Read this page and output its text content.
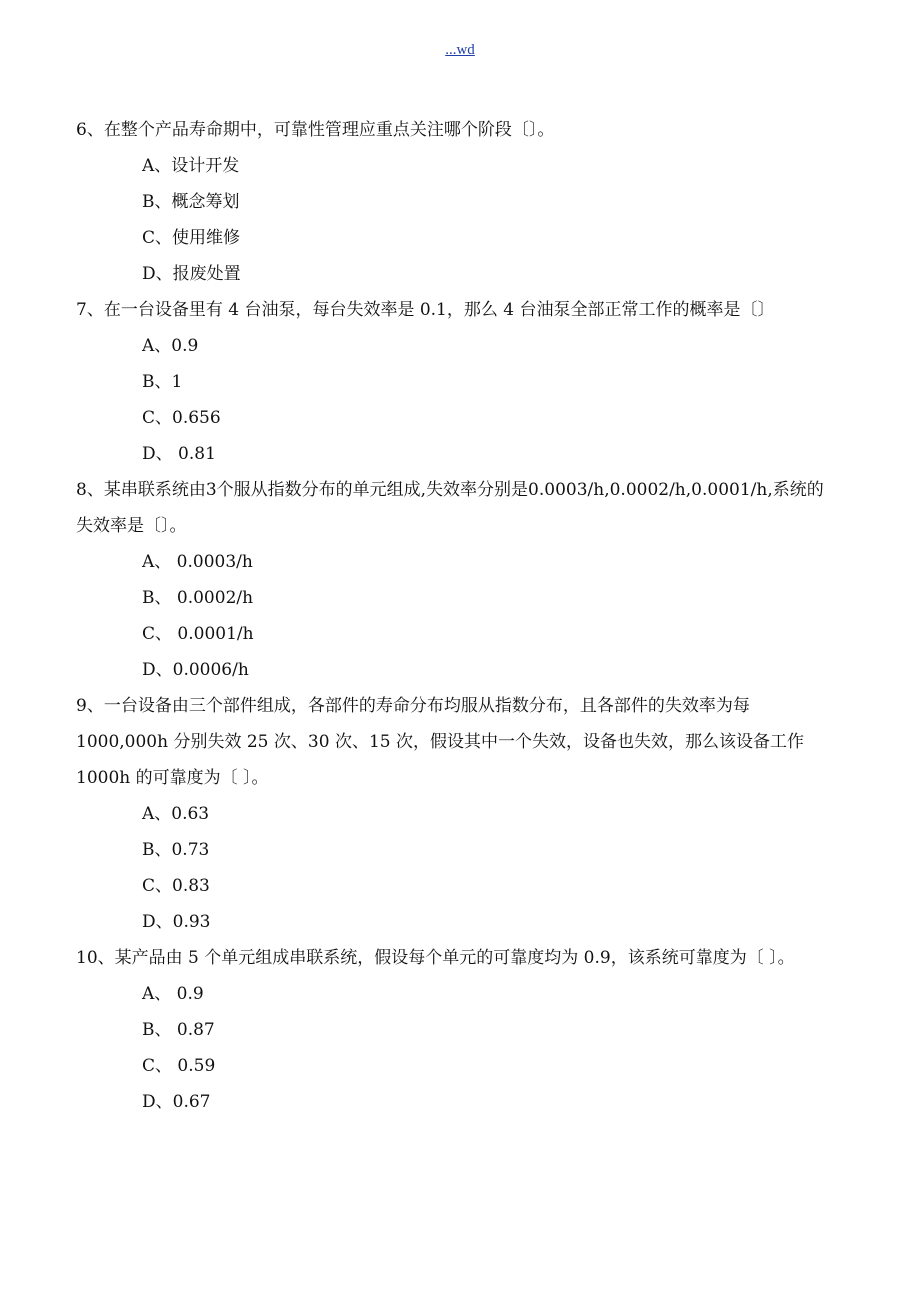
...wd

6、在整个产品寿命期中，可靠性管理应重点关注哪个阶段〔〕。

A、设计开发

B、概念筹划

C、使用维修

D、报废处置

7、在一台设备里有 4 台油泵，每台失效率是 0.1，那么 4 台油泵全部正常工作的概率是〔〕

A、0.9

B、1

C、0.656

D、 0.81

8、某串联系统由3个服从指数分布的单元组成,失效率分别是0.0003/h,0.0002/h,0.0001/h,系统的失效率是〔〕。

A、 0.0003/h

B、 0.0002/h

C、 0.0001/h

D、0.0006/h

9、一台设备由三个部件组成，各部件的寿命分布均服从指数分布，且各部件的失效率为每1000,000h 分别失效 25 次、30 次、15 次，假设其中一个失效，设备也失效，那么该设备工作 1000h 的可靠度为〔 〕。

A、0.63

B、0.73

C、0.83

D、0.93

10、某产品由 5 个单元组成串联系统，假设每个单元的可靠度均为 0.9，该系统可靠度为〔 〕。

A、 0.9

B、 0.87

C、 0.59

D、0.67
